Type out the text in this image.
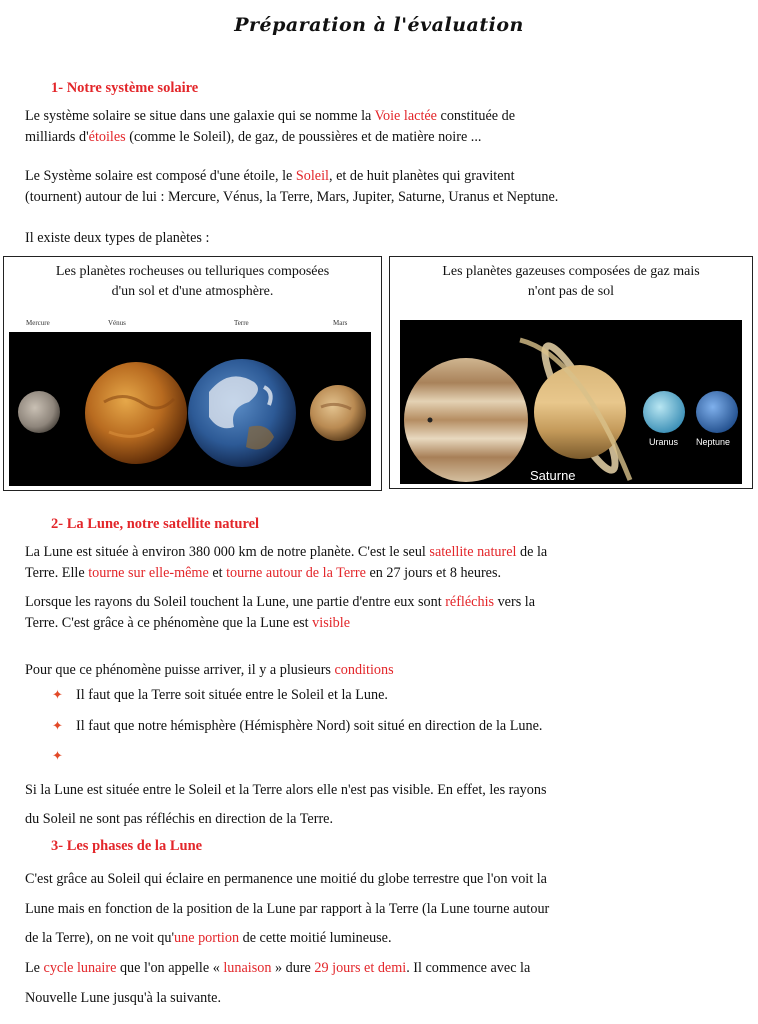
Préparation à l'évaluation
1- Notre système solaire
Le système solaire se situe dans une galaxie qui se nomme la Voie lactée constituée de
milliards d'étoiles (comme le Soleil), de gaz, de poussières et de matière noire ...
Le Système solaire est composé d'une étoile, le Soleil, et de huit planètes qui gravitent
(tournent) autour de lui : Mercure, Vénus, la Terre, Mars, Jupiter, Saturne, Uranus et Neptune.
Il existe deux types de planètes :
Les planètes rocheuses ou telluriques composées
d'un sol et d'une atmosphère.
Mercure	Vénus	Terre	Mars
Les planètes gazeuses composées de gaz mais
n'ont pas de sol
Uranus Neptune
Saturne
2- La Lune, notre satellite naturel
La Lune est située à environ 380 000 km de notre planète. C'est le seul satellite naturel de la
Terre. Elle tourne sur elle-même et tourne autour de la Terre en 27 jours et 8 heures.
Lorsque les rayons du Soleil touchent la Lune, une partie d'entre eux sont réfléchis vers la
Terre. C'est grâce à ce phénomène que la Lune est visible
Pour que ce phénomène puisse arriver, il y a plusieurs conditions
✦ Il faut que la Terre soit située entre le Soleil et la Lune.
✦ Il faut que notre hémisphère (Hémisphère Nord) soit situé en direction de la Lune.
✦
Si la Lune est située entre le Soleil et la Terre alors elle n'est pas visible. En effet, les rayons
du Soleil ne sont pas réfléchis en direction de la Terre.
3- Les phases de la Lune
C'est grâce au Soleil qui éclaire en permanence une moitié du globe terrestre que l'on voit la
Lune mais en fonction de la position de la Lune par rapport à la Terre (la Lune tourne autour
de la Terre), on ne voit qu'une portion de cette moitié lumineuse.
Le cycle lunaire que l'on appelle « lunaison » dure 29 jours et demi. Il commence avec la
Nouvelle Lune jusqu'à la suivante.
